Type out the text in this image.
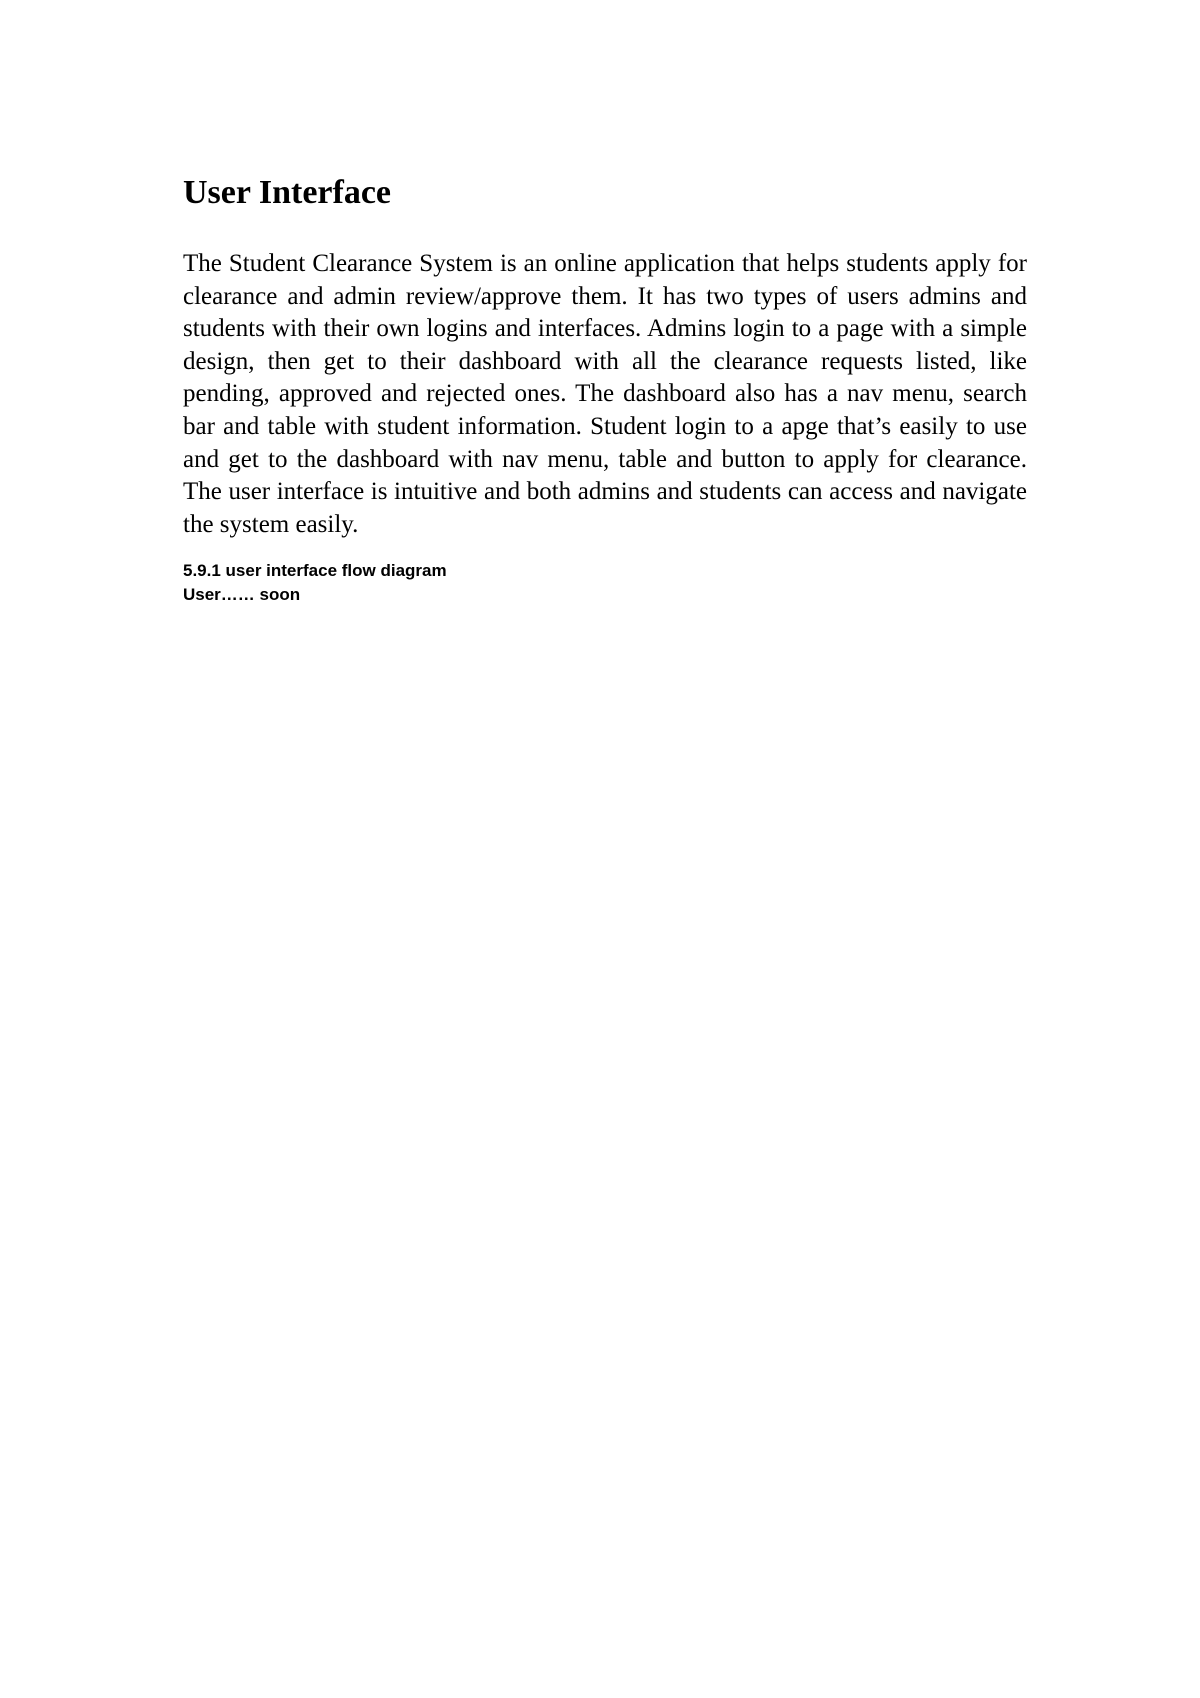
User Interface

The Student Clearance System is an online application that helps students apply for clearance and admin review/approve them. It has two types of users admins and students with their own logins and interfaces. Admins login to a page with a simple design, then get to their dashboard with all the clearance requests listed, like pending, approved and rejected ones. The dashboard also has a nav menu, search bar and table with student information. Student login to a apge that’s easily to use and get to the dashboard with nav menu, table and button to apply for clearance. The user interface is intuitive and both admins and students can access and navigate the system easily.

5.9.1 user interface flow diagram

User…… soon
